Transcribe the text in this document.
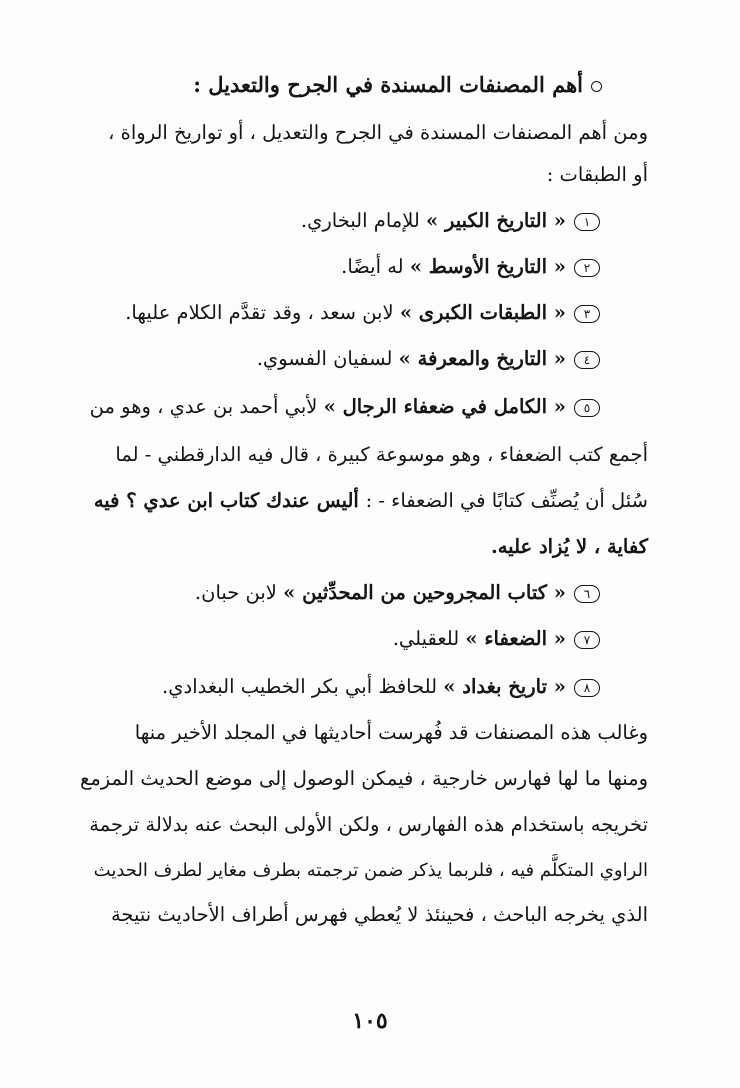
أهم المصنفات المسندة في الجرح والتعديل :
ومن أهم المصنفات المسندة في الجرح والتعديل ، أو تواريخ الرواة ،
أو الطبقات :
١« التاريخ الكبير » للإمام البخاري.
٢« التاريخ الأوسط » له أيضًا.
٣« الطبقات الكبرى » لابن سعد ، وقد تقدَّم الكلام عليها.
٤« التاريخ والمعرفة » لسفيان الفسوي.
٥« الكامل في ضعفاء الرجال » لأبي أحمد بن عدي ، وهو من
أجمع كتب الضعفاء ، وهو موسوعة كبيرة ، قال فيه الدارقطني - لما
سُئل أن يُصنِّف كتابًا في الضعفاء - : أليس عندك كتاب ابن عدي ؟ فيه
كفاية ، لا يُزاد عليه.
٦« كتاب المجروحين من المحدِّثين » لابن حبان.
٧« الضعفاء » للعقيلي.
٨« تاريخ بغداد » للحافظ أبي بكر الخطيب البغدادي.
وغالب هذه المصنفات قد فُهرست أحاديثها في المجلد الأخير منها
ومنها ما لها فهارس خارجية ، فيمكن الوصول إلى موضع الحديث المزمع
تخريجه باستخدام هذه الفهارس ، ولكن الأولى البحث عنه بدلالة ترجمة
الراوي المتكلَّم فيه ، فلربما يذكر ضمن ترجمته بطرف مغاير لطرف الحديث
الذي يخرجه الباحث ، فحينئذ لا يُعطي فهرس أطراف الأحاديث نتيجة
١٠٥
